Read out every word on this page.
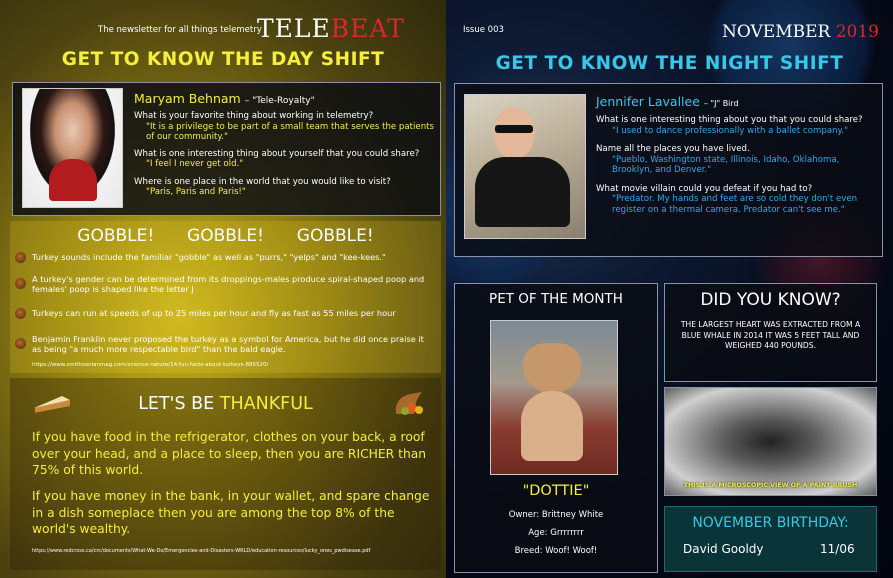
The newsletter for all things telemetry
TELEBEAT
GET TO KNOW THE DAY SHIFT
Maryam Behnam – "Tele-Royalty"
What is your favorite thing about working in telemetry?
"It is a privilege to be part of a small team that serves the patients of our community."
What is one interesting thing about yourself that you could share?
"I feel I never get old."
Where is one place in the world that you would like to visit?
"Paris, Paris and Paris!"
GOBBLE! GOBBLE! GOBBLE!
Turkey sounds include the familiar "gobble" as well as "purrs," "yelps" and "kee-kees."
A turkey's gender can be determined from its droppings-males produce spiral-shaped poop and females' poop is shaped like the letter J
Turkeys can run at speeds of up to 25 miles per hour and fly as fast as 55 miles per hour
Benjamin Franklin never proposed the turkey as a symbol for America, but he did once praise it as being "a much more respectable bird" than the bald eagle.
https://www.smithsonianmag.com/science-nature/14-fun-facts-about-turkeys-885520/
LET'S BE THANKFUL
If you have food in the refrigerator, clothes on your back, a roof over your head, and a place to sleep, then you are RICHER than 75% of this world.
If you have money in the bank, in your wallet, and spare change in a dish someplace then you are among the top 8% of the world's wealthy.
https://www.redcross.ca/crc/documents/What-We-Do/Emergencies-and-Disasters-WRLD/education-resources/lucky_ones_pwdisease.pdf
Issue 003	NOVEMBER 2019
GET TO KNOW THE NIGHT SHIFT
Jennifer Lavallee – "J" Bird
What is one interesting thing about you that you could share?
"I used to dance professionally with a ballet company."
Name all the places you have lived.
"Pueblo, Washington state, Illinois, Idaho, Oklahoma, Brooklyn, and Denver."
What movie villain could you defeat if you had to?
"Predator. My hands and feet are so cold they don't even register on a thermal camera. Predator can't see me."
PET OF THE MONTH
"DOTTIE"
Owner: Brittney White
Age: Grrrrrrrr
Breed: Woof! Woof!
DID YOU KNOW?
THE LARGEST HEART WAS EXTRACTED FROM A BLUE WHALE IN 2014 IT WAS 5 FEET TALL AND WEIGHED 440 POUNDS.
THIS IS A MICROSCOPIC VIEW OF A PAINT BRUSH
NOVEMBER BIRTHDAY:
David Gooldy	11/06
